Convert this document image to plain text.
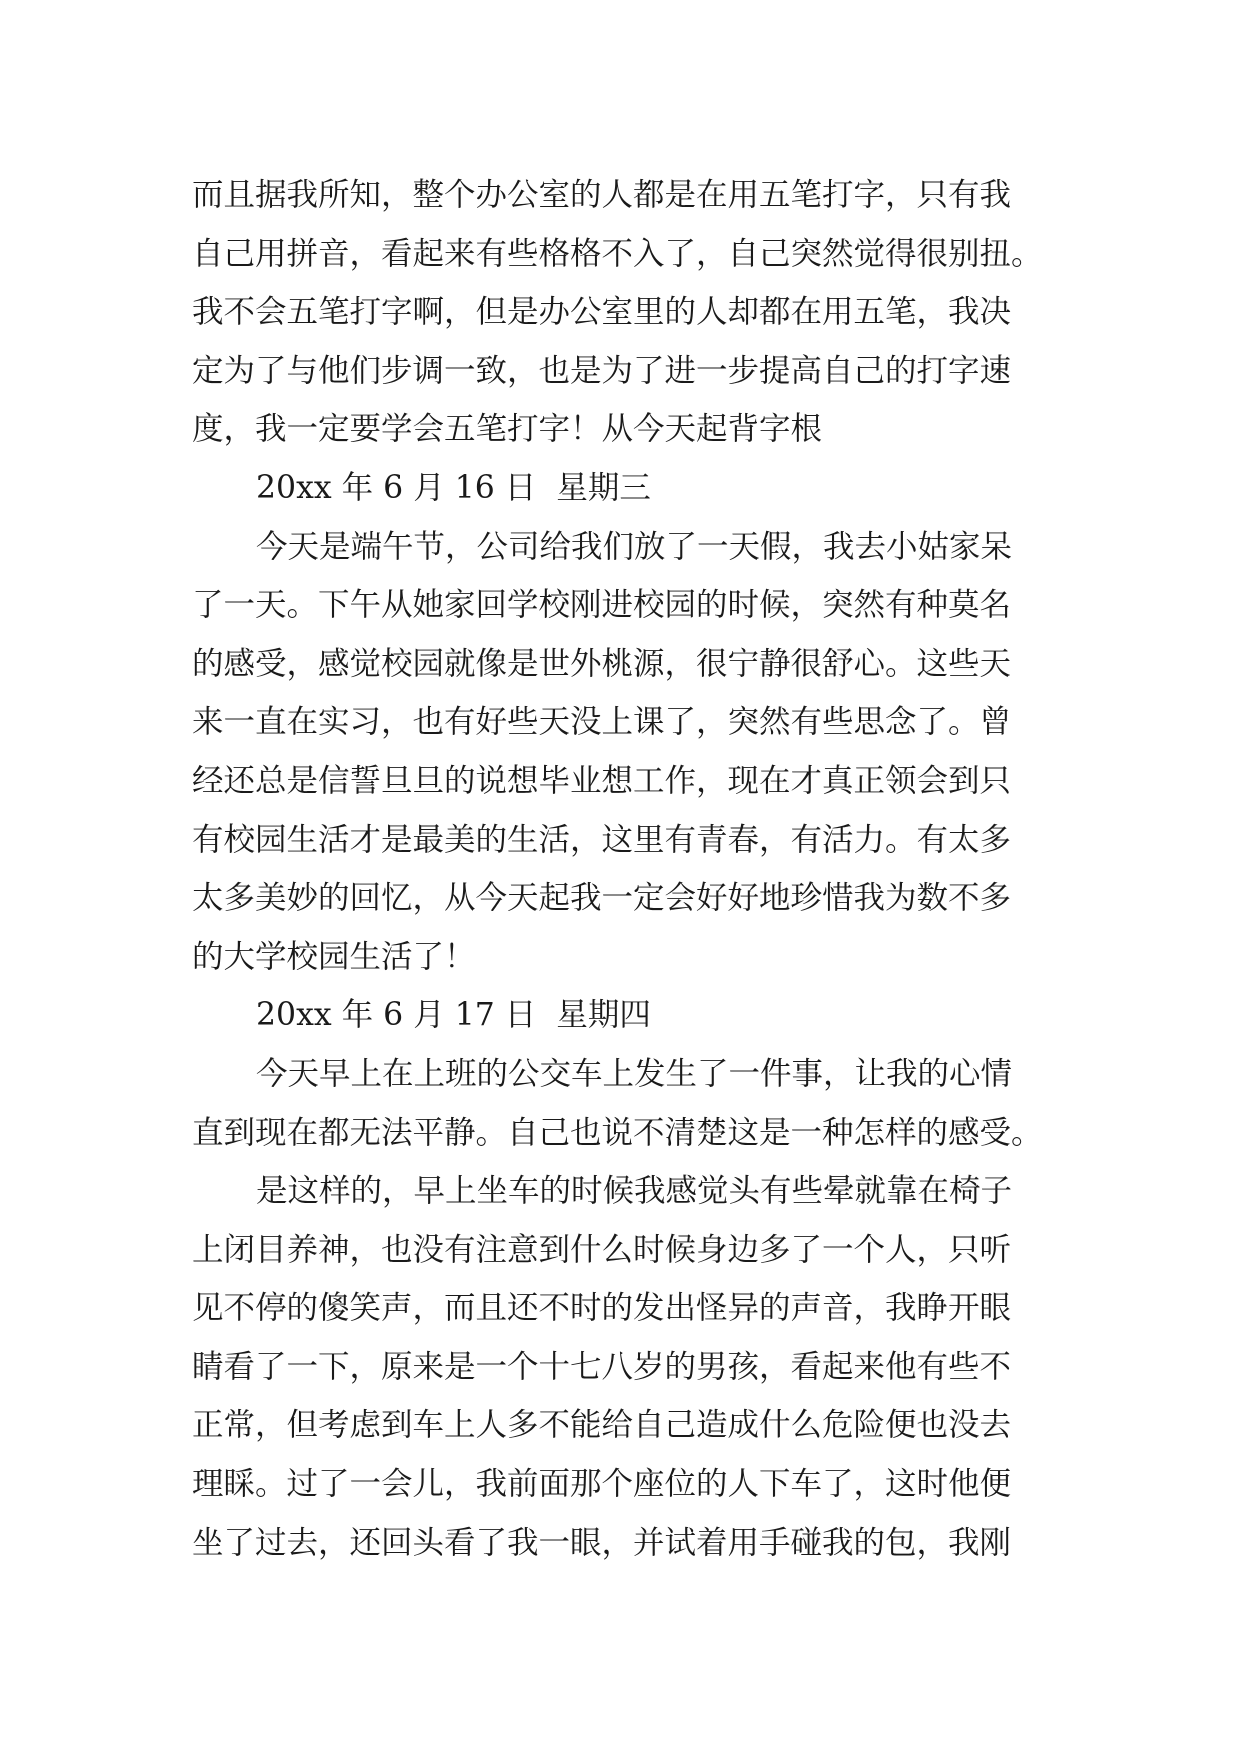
而且据我所知，整个办公室的人都是在用五笔打字，只有我
自己用拼音，看起来有些格格不入了，自己突然觉得很别扭。
我不会五笔打字啊，但是办公室里的人却都在用五笔，我决
定为了与他们步调一致，也是为了进一步提高自己的打字速
度，我一定要学会五笔打字！从今天起背字根
20xx 年 6 月 16 日  星期三
今天是端午节，公司给我们放了一天假，我去小姑家呆
了一天。下午从她家回学校刚进校园的时候，突然有种莫名
的感受，感觉校园就像是世外桃源，很宁静很舒心。这些天
来一直在实习，也有好些天没上课了，突然有些思念了。曾
经还总是信誓旦旦的说想毕业想工作，现在才真正领会到只
有校园生活才是最美的生活，这里有青春，有活力。有太多
太多美妙的回忆，从今天起我一定会好好地珍惜我为数不多
的大学校园生活了！
20xx 年 6 月 17 日  星期四
今天早上在上班的公交车上发生了一件事，让我的心情
直到现在都无法平静。自己也说不清楚这是一种怎样的感受。
是这样的，早上坐车的时候我感觉头有些晕就靠在椅子
上闭目养神，也没有注意到什么时候身边多了一个人，只听
见不停的傻笑声，而且还不时的发出怪异的声音，我睁开眼
睛看了一下，原来是一个十七八岁的男孩，看起来他有些不
正常，但考虑到车上人多不能给自己造成什么危险便也没去
理睬。过了一会儿，我前面那个座位的人下车了，这时他便
坐了过去，还回头看了我一眼，并试着用手碰我的包，我刚
